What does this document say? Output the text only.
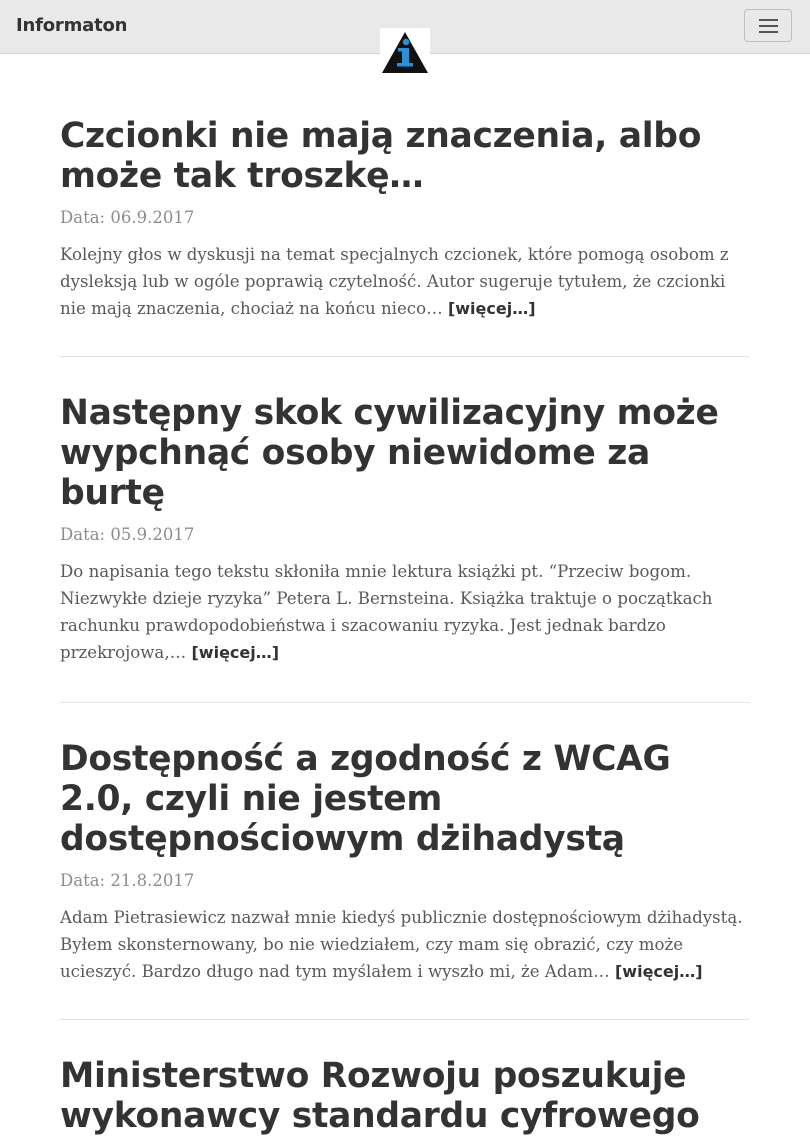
Informaton
Czcionki nie mają znaczenia, albo może tak troszkę…

Data: 06.9.2017

Kolejny głos w dyskusji na temat specjalnych czcionek, które pomogą osobom z dysleksją lub w ogóle poprawią czytelność. Autor sugeruje tytułem, że czcionki nie mają znaczenia, chociaż na końcu nieco… [więcej…]

Następny skok cywilizacyjny może wypchnąć osoby niewidome za burtę

Data: 05.9.2017

Do napisania tego tekstu skłoniła mnie lektura książki pt. “Przeciw bogom. Niezwykłe dzieje ryzyka” Petera L. Bernsteina. Książka traktuje o początkach rachunku prawdopodobieństwa i szacowaniu ryzyka. Jest jednak bardzo przekrojowa,… [więcej…]

Dostępność a zgodność z WCAG 2.0, czyli nie jestem dostępnościowym dżihadystą

Data: 21.8.2017

Adam Pietrasiewicz nazwał mnie kiedyś publicznie dostępnościowym dżihadystą. Byłem skonsternowany, bo nie wiedziałem, czy mam się obrazić, czy może ucieszyć. Bardzo długo nad tym myślałem i wyszło mi, że Adam… [więcej…]

Ministerstwo Rozwoju poszukuje wykonawcy standardu cyfrowego
